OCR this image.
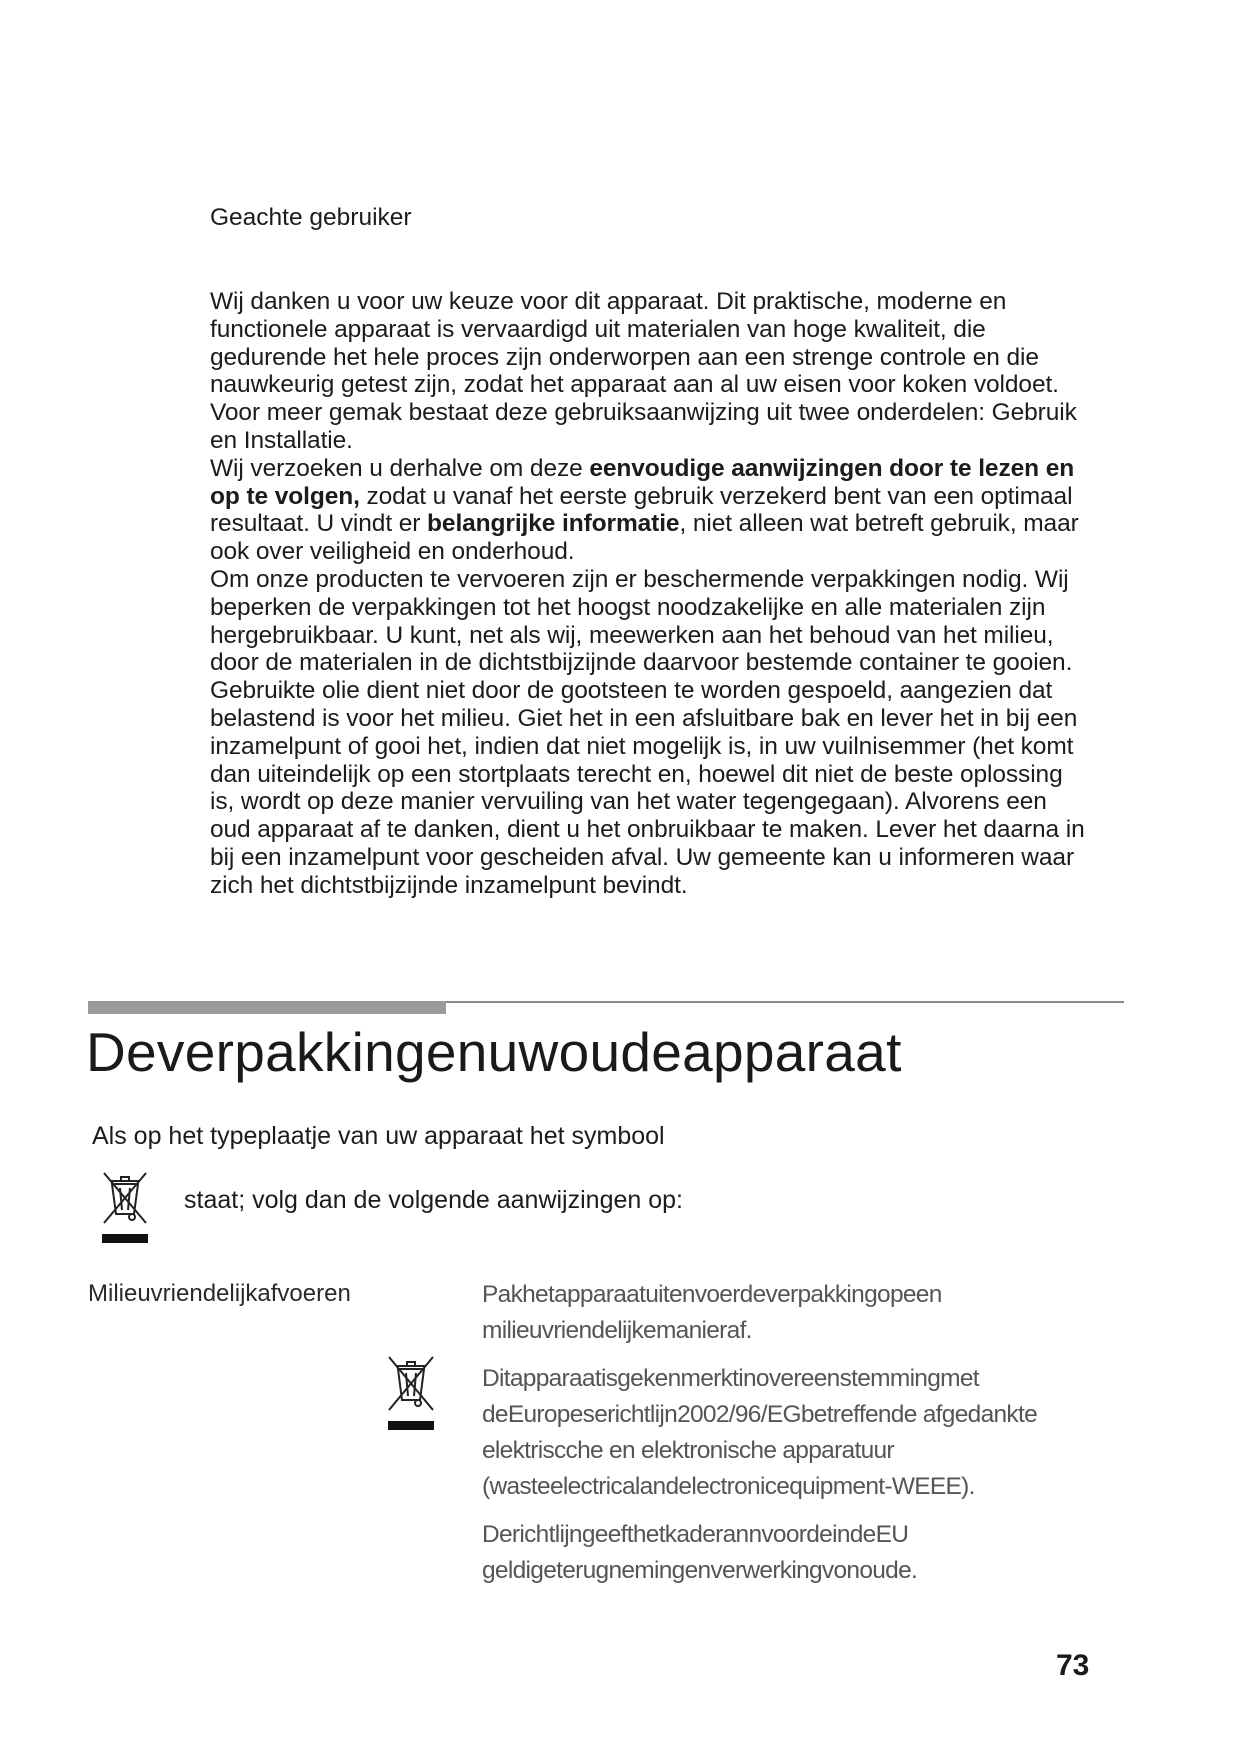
Geachte gebruiker

Wij danken u voor uw keuze voor dit apparaat. Dit praktische, moderne en functionele apparaat is vervaardigd uit materialen van hoge kwaliteit, die gedurende het hele proces zijn onderworpen aan een strenge controle en die nauwkeurig getest zijn, zodat het apparaat aan al uw eisen voor koken voldoet. Voor meer gemak bestaat deze gebruiksaanwijzing uit twee onderdelen: Gebruik en Installatie.
Wij verzoeken u derhalve om deze eenvoudige aanwijzingen door te lezen en op te volgen, zodat u vanaf het eerste gebruik verzekerd bent van een optimaal resultaat. U vindt er belangrijke informatie, niet alleen wat betreft gebruik, maar ook over veiligheid en onderhoud.
Om onze producten te vervoeren zijn er beschermende verpakkingen nodig. Wij beperken de verpakkingen tot het hoogst noodzakelijke en alle materialen zijn hergebruikbaar. U kunt, net als wij, meewerken aan het behoud van het milieu, door de materialen in de dichtstbijzijnde daarvoor bestemde container te gooien. Gebruikte olie dient niet door de gootsteen te worden gespoeld, aangezien dat belastend is voor het milieu. Giet het in een afsluitbare bak en lever het in bij een inzamelpunt of gooi het, indien dat niet mogelijk is, in uw vuilnisemmer (het komt dan uiteindelijk op een stortplaats terecht en, hoewel dit niet de beste oplossing is, wordt op deze manier vervuiling van het water tegengegaan). Alvorens een oud apparaat af te danken, dient u het onbruikbaar te maken. Lever het daarna in bij een inzamelpunt voor gescheiden afval. Uw gemeente kan u informeren waar zich het dichtstbijzijnde inzamelpunt bevindt.

Deverpakkingenuwoudeapparaat

Als op het typeplaatje van uw apparaat het symbool

staat; volg dan de volgende aanwijzingen op:

Milieuvriendelijkafvoeren	Pakhetapparaatuitenvoerdeverpakkingopeen milieuvriendelijkemanieraf.

Ditapparaatisgekenmerktinovereenstemmingmet deEuropeserichtlijn2002/96/EGbetreffende afgedankte elektriscche en elektronische apparatuur (wasteelectricalandelectronicequipment-WEEE).

DerichtlijngeefthetkaderannvoordeindeEU geldigeterugnemingenverwerkingvonoude.

73
